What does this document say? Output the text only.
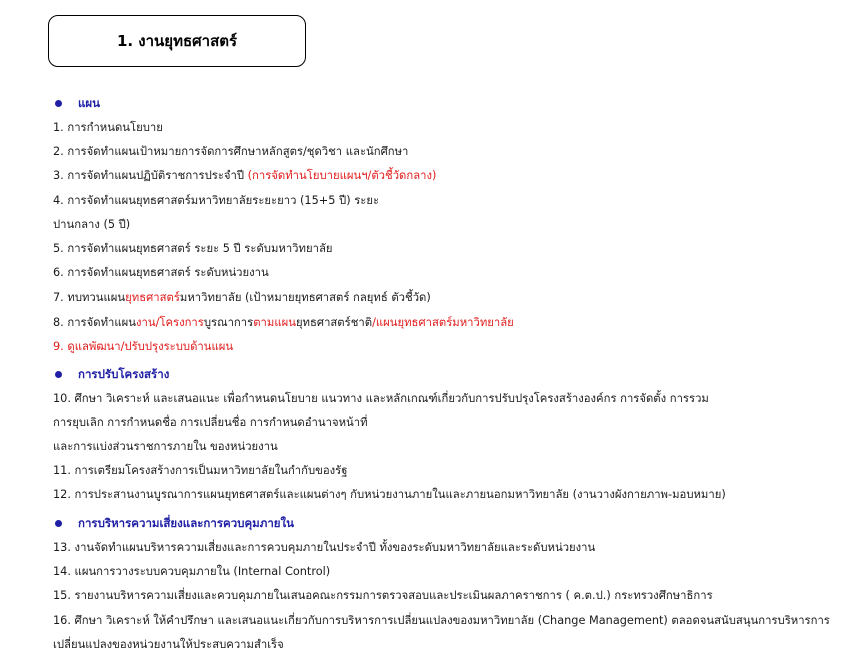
1. งานยุทธศาสตร์
แผน
1. การกำหนดนโยบาย
2. การจัดทำแผนเป้าหมายการจัดการศึกษาหลักสูตร/ชุดวิชา และนักศึกษา
3. การจัดทำแผนปฏิบัติราชการประจำปี (การจัดทำนโยบายแผนฯ/ตัวชี้วัดกลาง)
4. การจัดทำแผนยุทธศาสตร์มหาวิทยาลัยระยะยาว (15+5 ปี) ระยะ
ปานกลาง (5 ปี)
5. การจัดทำแผนยุทธศาสตร์ ระยะ 5 ปี ระดับมหาวิทยาลัย
6. การจัดทำแผนยุทธศาสตร์ ระดับหน่วยงาน
7. ทบทวนแผนยุทธศาสตร์มหาวิทยาลัย (เป้าหมายยุทธศาสตร์ กลยุทธ์ ตัวชี้วัด)
8. การจัดทำแผนงาน/โครงการบูรณาการตามแผนยุทธศาสตร์ชาติ/แผนยุทธศาสตร์มหาวิทยาลัย
9. ดูแลพัฒนา/ปรับปรุงระบบด้านแผน
การปรับโครงสร้าง
10. ศึกษา วิเคราะห์ และเสนอแนะ เพื่อกำหนดนโยบาย แนวทาง และหลักเกณฑ์เกี่ยวกับการปรับปรุงโครงสร้างองค์กร การจัดตั้ง การรวม
การยุบเลิก การกำหนดชื่อ การเปลี่ยนชื่อ การกำหนดอำนาจหน้าที่
และการแบ่งส่วนราชการภายใน ของหน่วยงาน
11. การเตรียมโครงสร้างการเป็นมหาวิทยาลัยในกำกับของรัฐ
12. การประสานงานบูรณาการแผนยุทธศาสตร์และแผนต่างๆ กับหน่วยงานภายในและภายนอกมหาวิทยาลัย (งานวางผังกายภาพ-มอบหมาย)
การบริหารความเสี่ยงและการควบคุมภายใน
13. งานจัดทำแผนบริหารความเสี่ยงและการควบคุมภายในประจำปี ทั้งของระดับมหาวิทยาลัยและระดับหน่วยงาน
14. แผนการวางระบบควบคุมภายใน (Internal Control)
15. รายงานบริหารความเสี่ยงและควบคุมภายในเสนอคณะกรรมการตรวจสอบและประเมินผลภาคราชการ ( ค.ต.ป.) กระทรวงศึกษาธิการ
16. ศึกษา วิเคราะห์ ให้คำปรึกษา และเสนอแนะเกี่ยวกับการบริหารการเปลี่ยนแปลงของมหาวิทยาลัย (Change Management) ตลอดจนสนับสนุนการบริหารการ
เปลี่ยนแปลงของหน่วยงานให้ประสบความสำเร็จ
